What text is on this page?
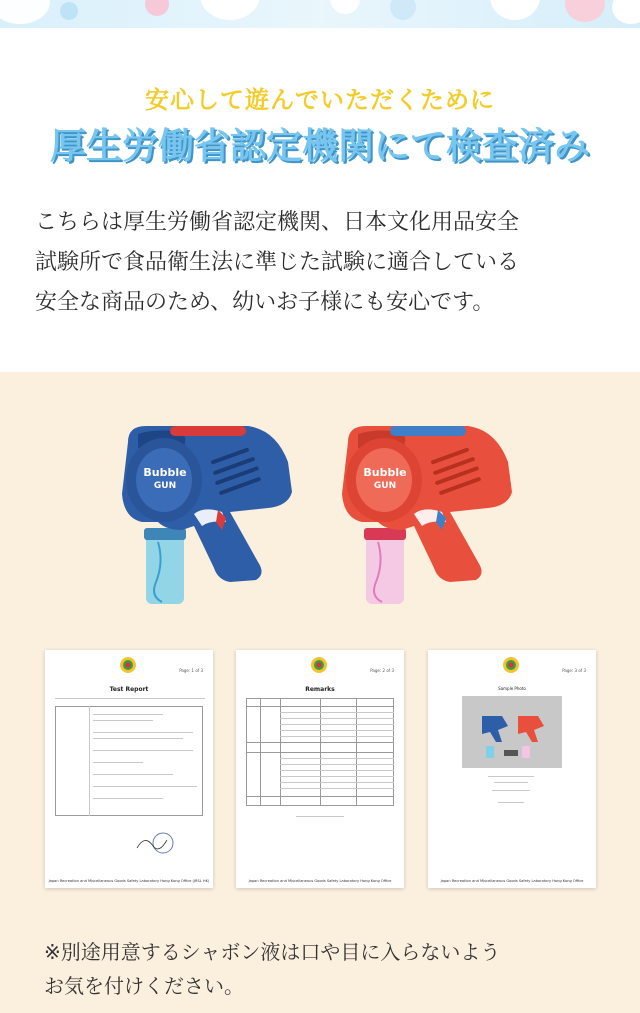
安心して遊んでいただくために
厚生労働省認定機関にて検査済み
こちらは厚生労働省認定機関、日本文化用品安全
試験所で食品衛生法に準じた試験に適合している
安全な商品のため、幼いお子様にも安心です。
Bubble
GUN
Bubble
GUN
Page: 1 of 3
Test Report
Japan Recreation and Miscellaneous Goods Safety Laboratory Hong Kong Office (JRSL HK)
Page: 2 of 3
Remarks
Japan Recreation and Miscellaneous Goods Safety Laboratory Hong Kong Office
Page: 3 of 3
Sample Photo
Japan Recreation and Miscellaneous Goods Safety Laboratory Hong Kong Office
※別途用意するシャボン液は口や目に入らないよう
お気を付けください。
